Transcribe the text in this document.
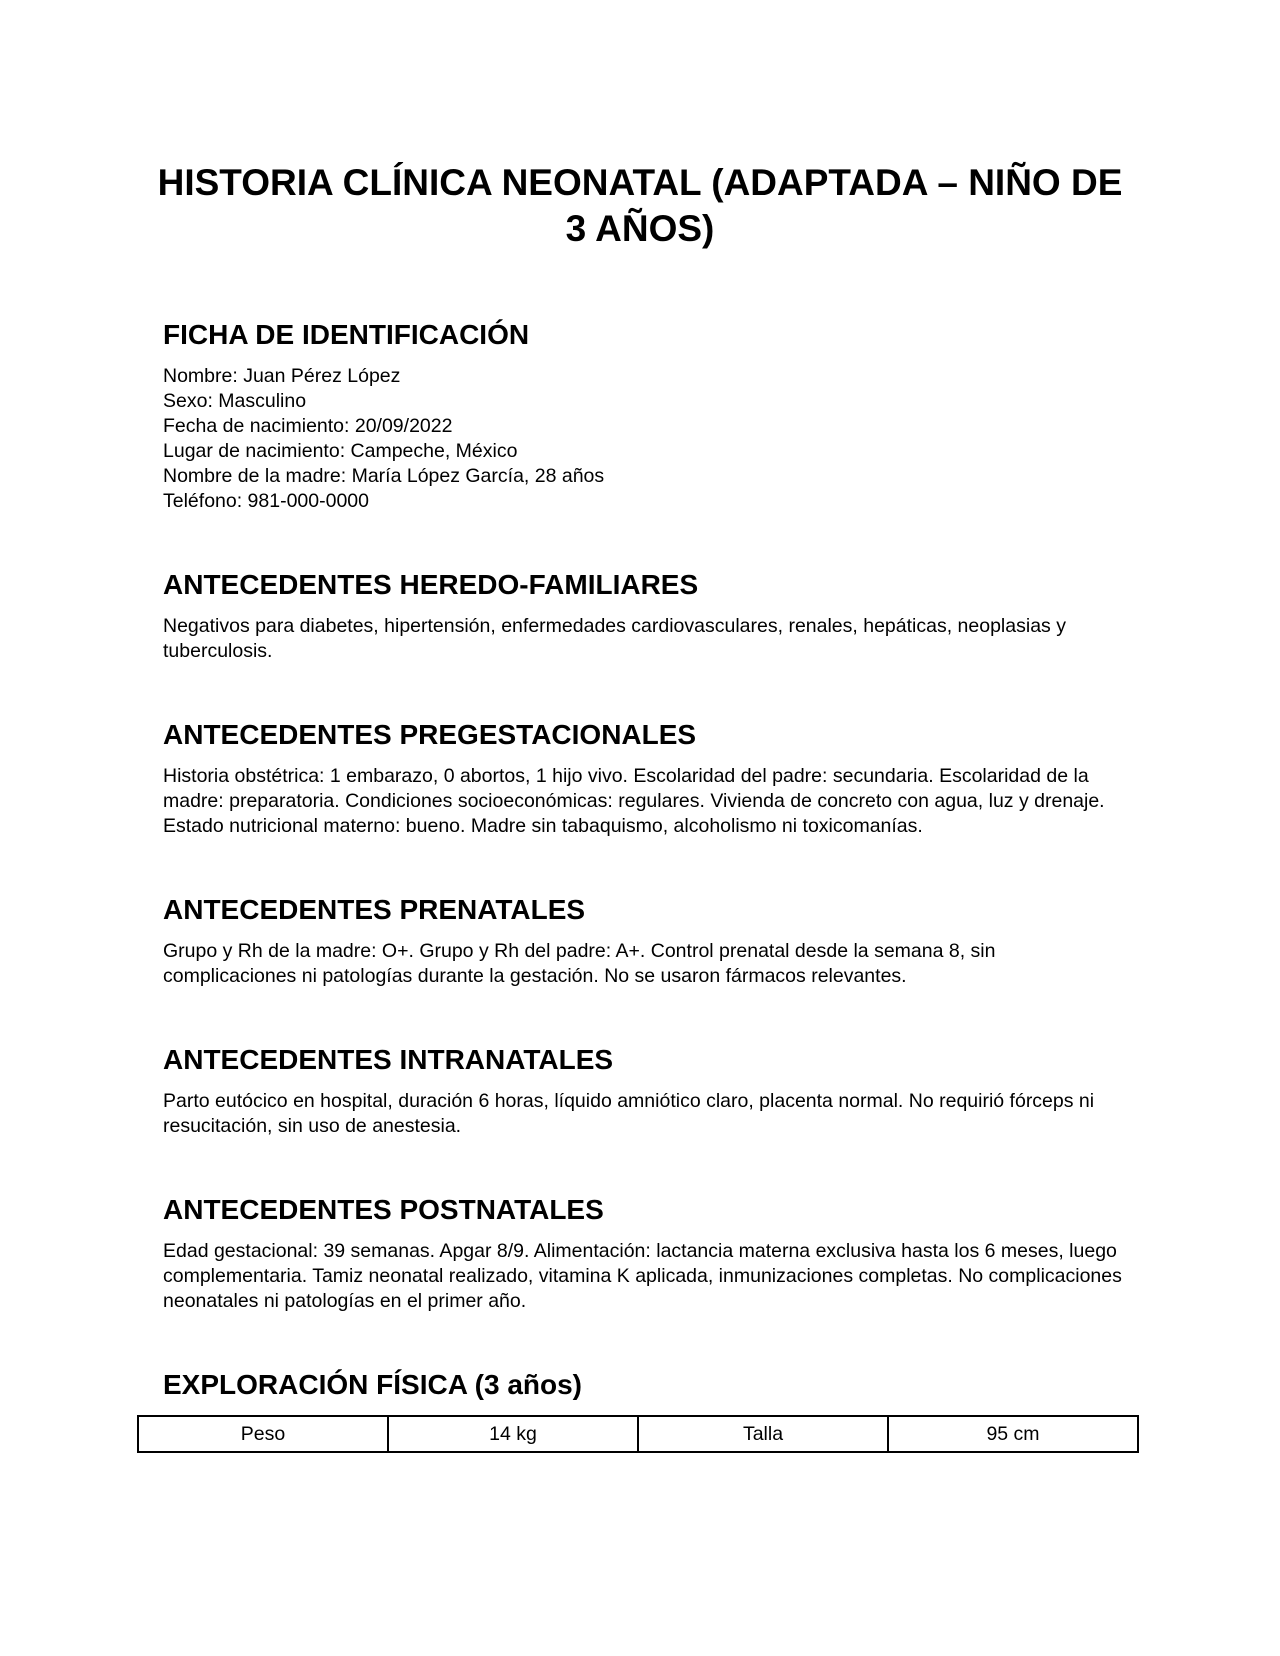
HISTORIA CLÍNICA NEONATAL (ADAPTADA – NIÑO DE 3 AÑOS)
FICHA DE IDENTIFICACIÓN
Nombre: Juan Pérez López
Sexo: Masculino
Fecha de nacimiento: 20/09/2022
Lugar de nacimiento: Campeche, México
Nombre de la madre: María López García, 28 años
Teléfono: 981-000-0000
ANTECEDENTES HEREDO-FAMILIARES

Negativos para diabetes, hipertensión, enfermedades cardiovasculares, renales, hepáticas, neoplasias y tuberculosis.

ANTECEDENTES PREGESTACIONALES

Historia obstétrica: 1 embarazo, 0 abortos, 1 hijo vivo. Escolaridad del padre: secundaria. Escolaridad de la madre: preparatoria. Condiciones socioeconómicas: regulares. Vivienda de concreto con agua, luz y drenaje. Estado nutricional materno: bueno. Madre sin tabaquismo, alcoholismo ni toxicomanías.

ANTECEDENTES PRENATALES

Grupo y Rh de la madre: O+. Grupo y Rh del padre: A+. Control prenatal desde la semana 8, sin complicaciones ni patologías durante la gestación. No se usaron fármacos relevantes.

ANTECEDENTES INTRANATALES

Parto eutócico en hospital, duración 6 horas, líquido amniótico claro, placenta normal. No requirió fórceps ni resucitación, sin uso de anestesia.

ANTECEDENTES POSTNATALES

Edad gestacional: 39 semanas. Apgar 8/9. Alimentación: lactancia materna exclusiva hasta los 6 meses, luego complementaria. Tamiz neonatal realizado, vitamina K aplicada, inmunizaciones completas. No complicaciones neonatales ni patologías en el primer año.

EXPLORACIÓN FÍSICA (3 años)
Peso	14 kg	Talla	95 cm
